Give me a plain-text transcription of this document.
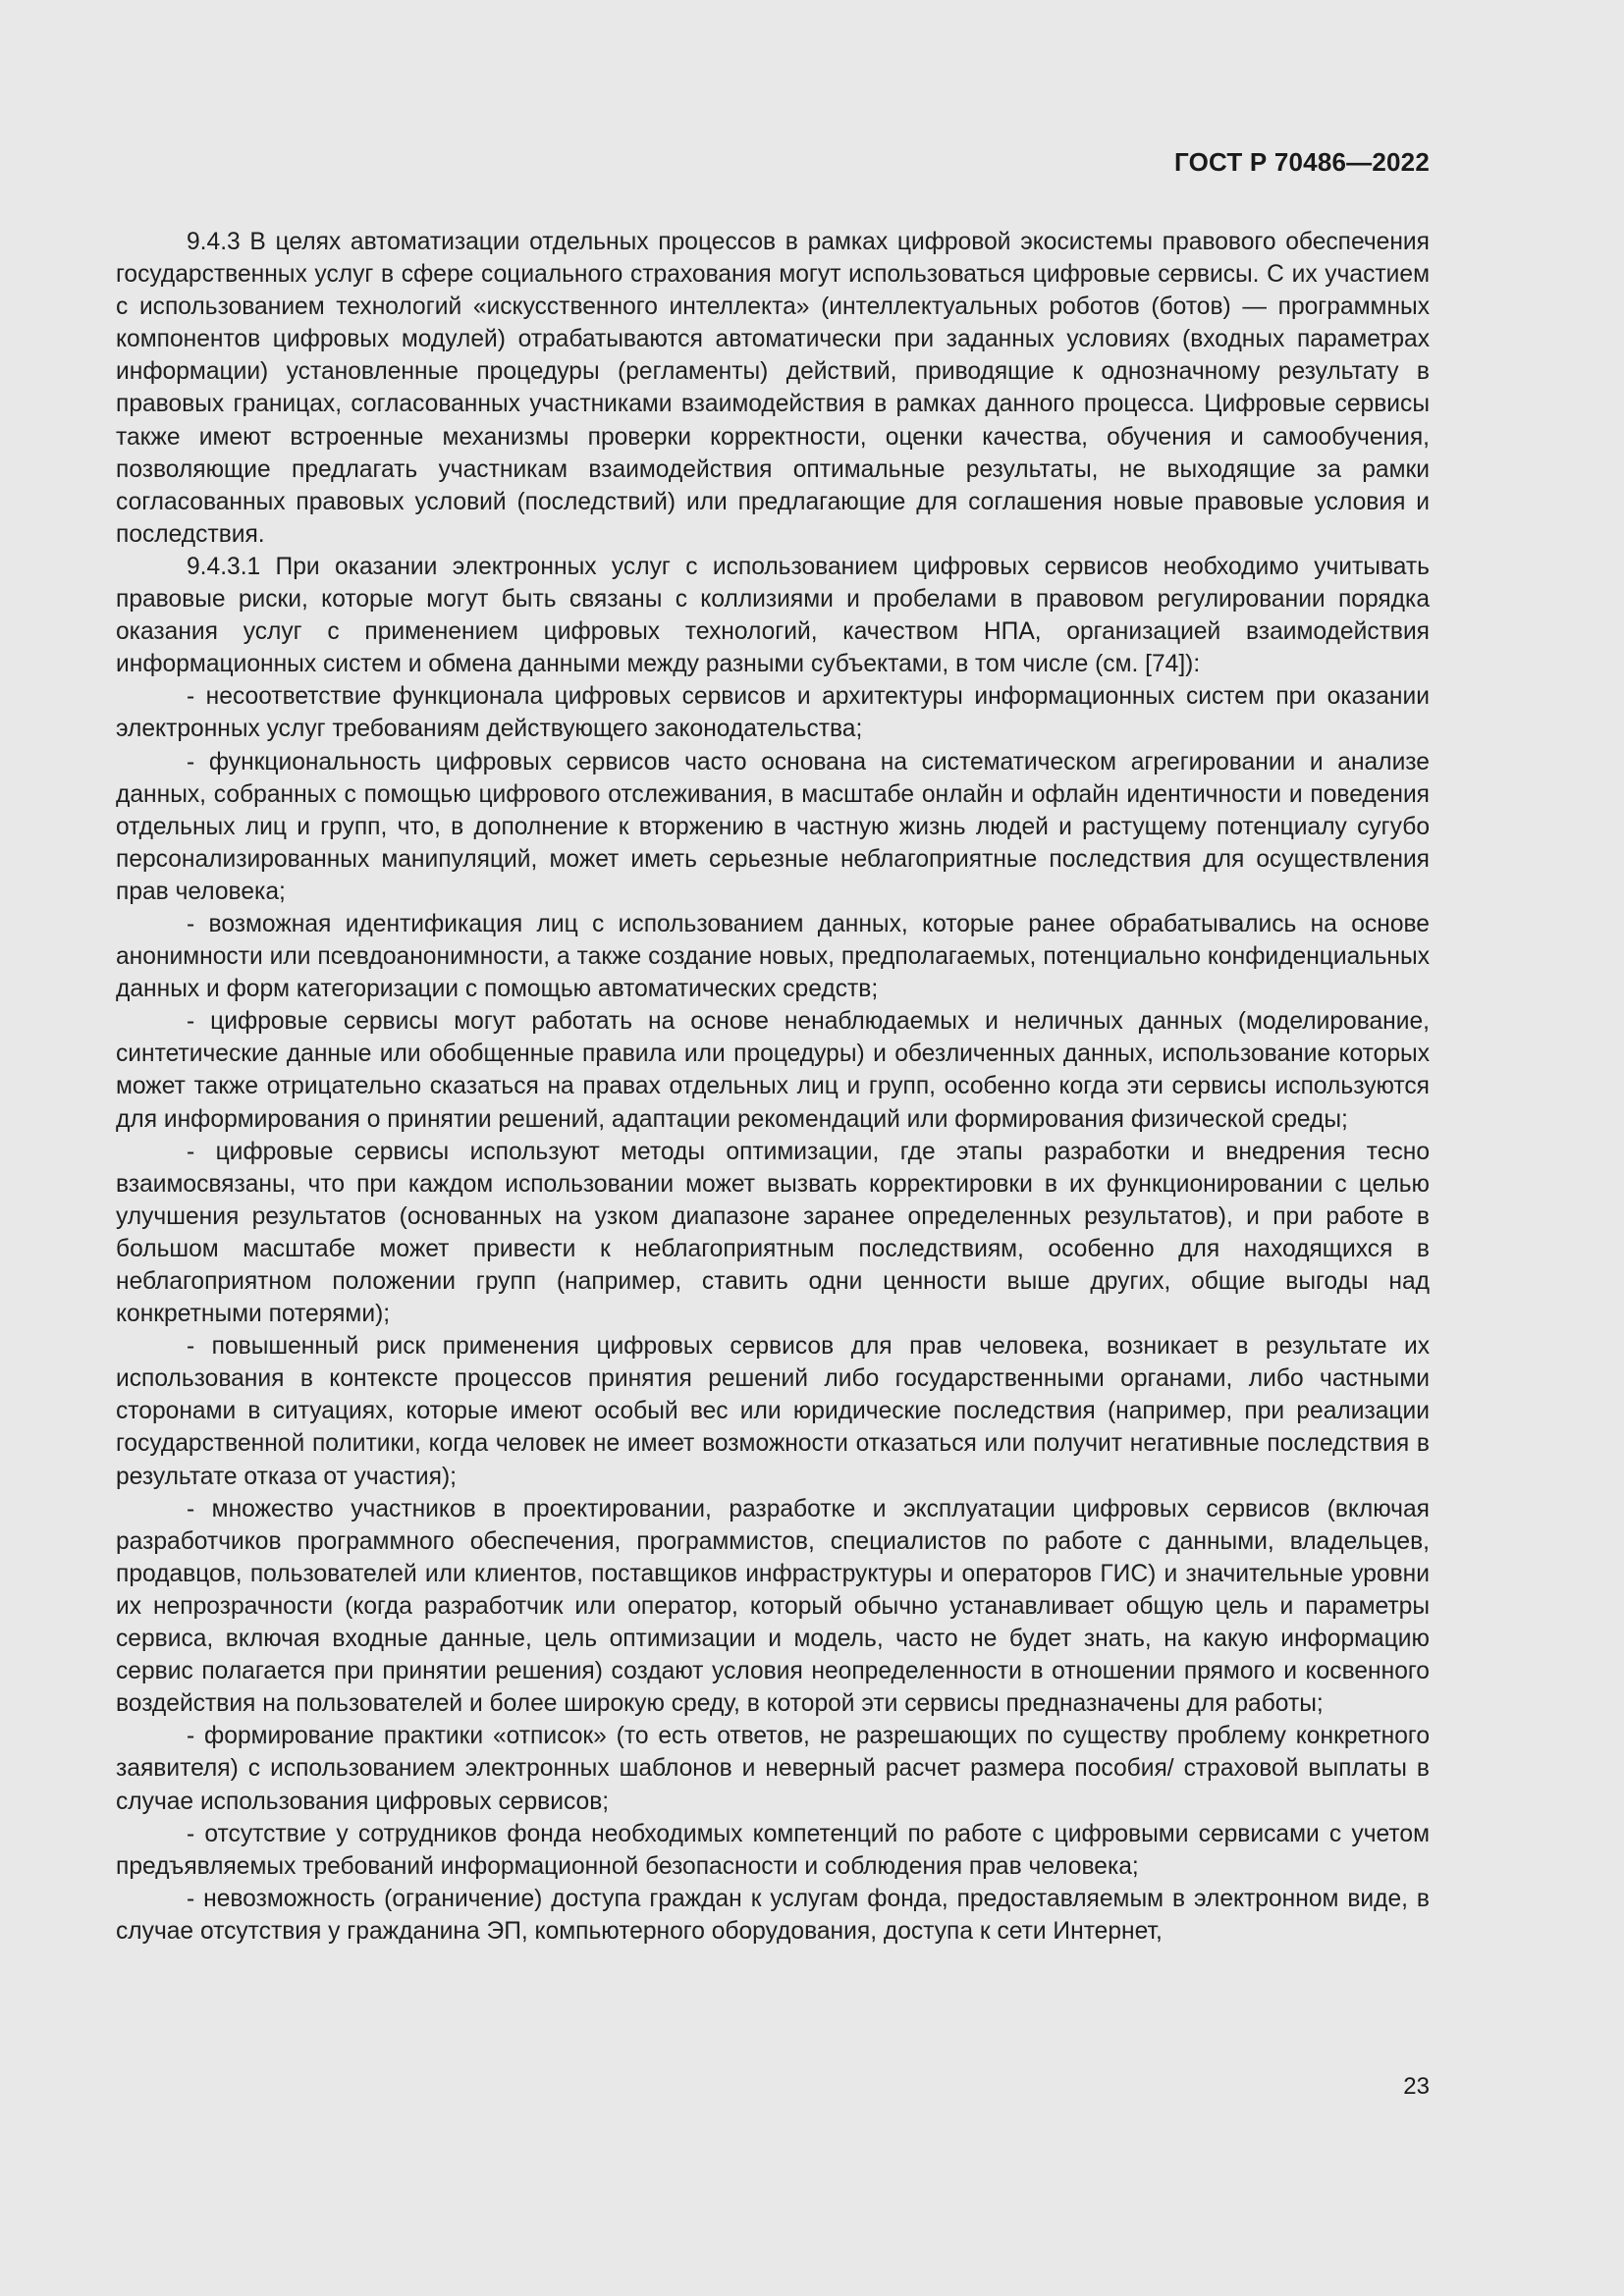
ГОСТ Р 70486—2022

9.4.3 В целях автоматизации отдельных процессов в рамках цифровой экосистемы правового обеспечения государственных услуг в сфере социального страхования могут использоваться цифровые сервисы. С их участием с использованием технологий «искусственного интеллекта» (интеллектуальных роботов (ботов) — программных компонентов цифровых модулей) отрабатываются автоматически при заданных условиях (входных параметрах информации) установленные процедуры (регламенты) действий, приводящие к однозначному результату в правовых границах, согласованных участниками взаимодействия в рамках данного процесса. Цифровые сервисы также имеют встроенные механизмы проверки корректности, оценки качества, обучения и самообучения, позволяющие предлагать участникам взаимодействия оптимальные результаты, не выходящие за рамки согласованных правовых условий (последствий) или предлагающие для соглашения новые правовые условия и последствия.

9.4.3.1 При оказании электронных услуг с использованием цифровых сервисов необходимо учитывать правовые риски, которые могут быть связаны с коллизиями и пробелами в правовом регулировании порядка оказания услуг с применением цифровых технологий, качеством НПА, организацией взаимодействия информационных систем и обмена данными между разными субъектами, в том числе (см. [74]):

- несоответствие функционала цифровых сервисов и архитектуры информационных систем при оказании электронных услуг требованиям действующего законодательства;

- функциональность цифровых сервисов часто основана на систематическом агрегировании и анализе данных, собранных с помощью цифрового отслеживания, в масштабе онлайн и офлайн идентичности и поведения отдельных лиц и групп, что, в дополнение к вторжению в частную жизнь людей и растущему потенциалу сугубо персонализированных манипуляций, может иметь серьезные неблагоприятные последствия для осуществления прав человека;

- возможная идентификация лиц с использованием данных, которые ранее обрабатывались на основе анонимности или псевдоанонимности, а также создание новых, предполагаемых, потенциально конфиденциальных данных и форм категоризации с помощью автоматических средств;

- цифровые сервисы могут работать на основе ненаблюдаемых и неличных данных (моделирование, синтетические данные или обобщенные правила или процедуры) и обезличенных данных, использование которых может также отрицательно сказаться на правах отдельных лиц и групп, особенно когда эти сервисы используются для информирования о принятии решений, адаптации рекомендаций или формирования физической среды;

- цифровые сервисы используют методы оптимизации, где этапы разработки и внедрения тесно взаимосвязаны, что при каждом использовании может вызвать корректировки в их функционировании с целью улучшения результатов (основанных на узком диапазоне заранее определенных результатов), и при работе в большом масштабе может привести к неблагоприятным последствиям, особенно для находящихся в неблагоприятном положении групп (например, ставить одни ценности выше других, общие выгоды над конкретными потерями);

- повышенный риск применения цифровых сервисов для прав человека, возникает в результате их использования в контексте процессов принятия решений либо государственными органами, либо частными сторонами в ситуациях, которые имеют особый вес или юридические последствия (например, при реализации государственной политики, когда человек не имеет возможности отказаться или получит негативные последствия в результате отказа от участия);

- множество участников в проектировании, разработке и эксплуатации цифровых сервисов (включая разработчиков программного обеспечения, программистов, специалистов по работе с данными, владельцев, продавцов, пользователей или клиентов, поставщиков инфраструктуры и операторов ГИС) и значительные уровни их непрозрачности (когда разработчик или оператор, который обычно устанавливает общую цель и параметры сервиса, включая входные данные, цель оптимизации и модель, часто не будет знать, на какую информацию сервис полагается при принятии решения) создают условия неопределенности в отношении прямого и косвенного воздействия на пользователей и более широкую среду, в которой эти сервисы предназначены для работы;

- формирование практики «отписок» (то есть ответов, не разрешающих по существу проблему конкретного заявителя) с использованием электронных шаблонов и неверный расчет размера пособия/ страховой выплаты в случае использования цифровых сервисов;

- отсутствие у сотрудников фонда необходимых компетенций по работе с цифровыми сервисами с учетом предъявляемых требований информационной безопасности и соблюдения прав человека;

- невозможность (ограничение) доступа граждан к услугам фонда, предоставляемым в электронном виде, в случае отсутствия у гражданина ЭП, компьютерного оборудования, доступа к сети Интернет,

23
